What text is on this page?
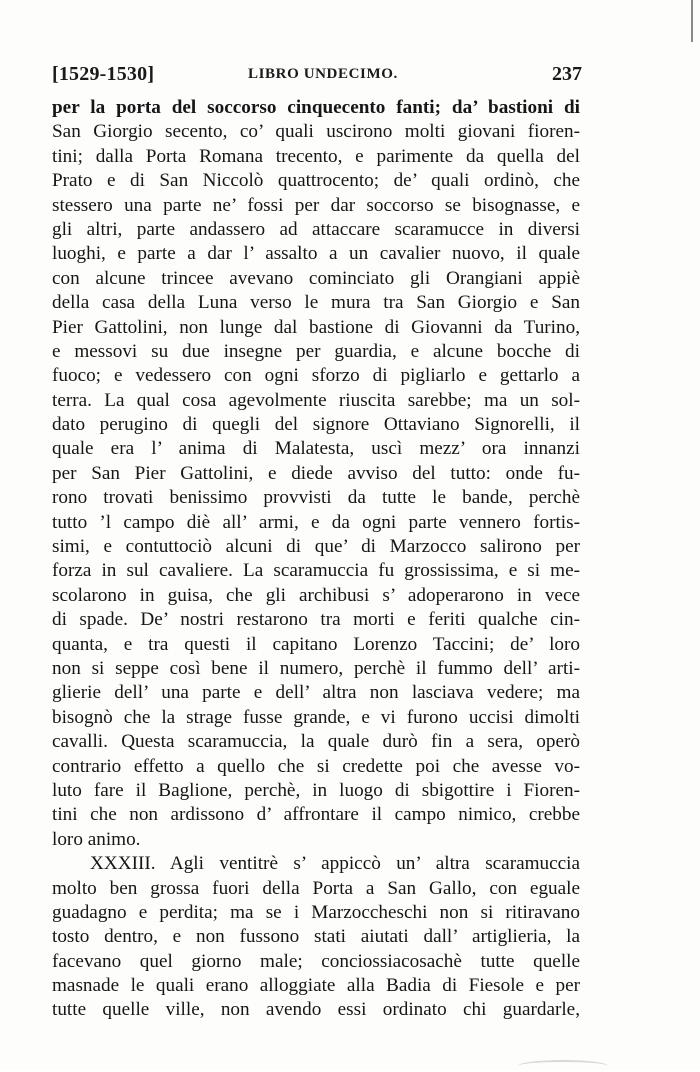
[1529-1530]	LIBRO UNDECIMO.	237
per la porta del soccorso cinquecento fanti; da’ bastioni di
San Giorgio secento, co’ quali uscirono molti giovani fioren-
tini; dalla Porta Romana trecento, e parimente da quella del
Prato e di San Niccolò quattrocento; de’ quali ordinò, che
stessero una parte ne’ fossi per dar soccorso se bisognasse, e
gli altri, parte andassero ad attaccare scaramucce in diversi
luoghi, e parte a dar l’ assalto a un cavalier nuovo, il quale
con alcune trincee avevano cominciato gli Orangiani appiè
della casa della Luna verso le mura tra San Giorgio e San
Pier Gattolini, non lunge dal bastione di Giovanni da Turino,
e messovi su due insegne per guardia, e alcune bocche di
fuoco; e vedessero con ogni sforzo di pigliarlo e gettarlo a
terra. La qual cosa agevolmente riuscita sarebbe; ma un sol-
dato perugino di quegli del signore Ottaviano Signorelli, il
quale era l’ anima di Malatesta, uscì mezz’ ora innanzi
per San Pier Gattolini, e diede avviso del tutto: onde fu-
rono trovati benissimo provvisti da tutte le bande, perchè
tutto ’l campo diè all’ armi, e da ogni parte vennero fortis-
simi, e contuttociò alcuni di que’ di Marzocco salirono per
forza in sul cavaliere. La scaramuccia fu grossissima, e si me-
scolarono in guisa, che gli archibusi s’ adoperarono in vece
di spade. De’ nostri restarono tra morti e feriti qualche cin-
quanta, e tra questi il capitano Lorenzo Taccini; de’ loro
non si seppe così bene il numero, perchè il fummo dell’ arti-
glierie dell’ una parte e dell’ altra non lasciava vedere; ma
bisognò che la strage fusse grande, e vi furono uccisi dimolti
cavalli. Questa scaramuccia, la quale durò fin a sera, operò
contrario effetto a quello che si credette poi che avesse vo-
luto fare il Baglione, perchè, in luogo di sbigottire i Fioren-
tini che non ardissono d’ affrontare il campo nimico, crebbe
loro animo.
XXXIII. Agli ventitrè s’ appiccò un’ altra scaramuccia
molto ben grossa fuori della Porta a San Gallo, con eguale
guadagno e perdita; ma se i Marzoccheschi non si ritiravano
tosto dentro, e non fussono stati aiutati dall’ artiglieria, la
facevano quel giorno male; conciossiacosachè tutte quelle
masnade le quali erano alloggiate alla Badia di Fiesole e per
tutte quelle ville, non avendo essi ordinato chi guardarle,
